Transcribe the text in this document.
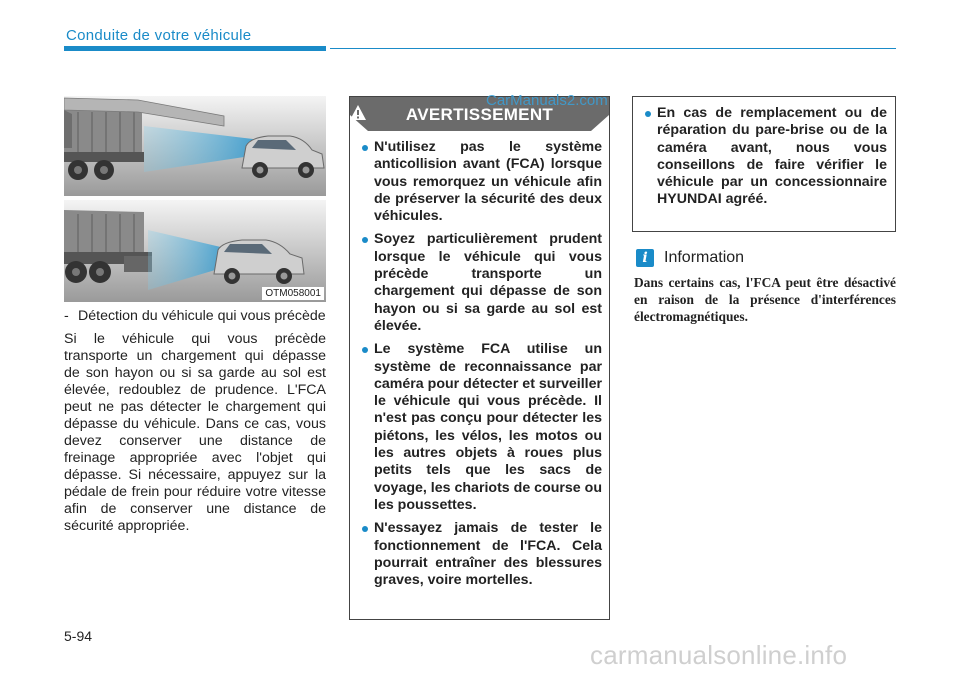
Conduite de votre véhicule
OTM058001
- Détection du véhicule qui vous précède

Si le véhicule qui vous précède transporte un chargement qui dépasse de son hayon ou si sa garde au sol est élevée, redoublez de prudence. L'FCA peut ne pas détecter le chargement qui dépasse du véhicule. Dans ce cas, vous devez conserver une distance de freinage appropriée avec l'objet qui dépasse. Si nécessaire, appuyez sur la pédale de frein pour réduire votre vitesse afin de conserver une distance de sécurité appropriée.

AVERTISSEMENT
N'utilisez pas le système anticollision avant (FCA) lorsque vous remorquez un véhicule afin de préserver la sécurité des deux véhicules.
Soyez particulièrement prudent lorsque le véhicule qui vous précède transporte un chargement qui dépasse de son hayon ou si sa garde au sol est élevée.
Le système FCA utilise un système de reconnaissance par caméra pour détecter et surveiller le véhicule qui vous précède. Il n'est pas conçu pour détecter les piétons, les vélos, les motos ou les autres objets à roues plus petits tels que les sacs de voyage, les chariots de course ou les poussettes.
N'essayez jamais de tester le fonctionnement de l'FCA. Cela pourrait entraîner des blessures graves, voire mortelles.
CarManuals2.com
En cas de remplacement ou de réparation du pare-brise ou de la caméra avant, nous vous conseillons de faire vérifier le véhicule par un concessionnaire HYUNDAI agréé.
i	Information

Dans certains cas, l'FCA peut être désactivé en raison de la présence d'interférences électromagnétiques.

5-94
carmanualsonline.info
